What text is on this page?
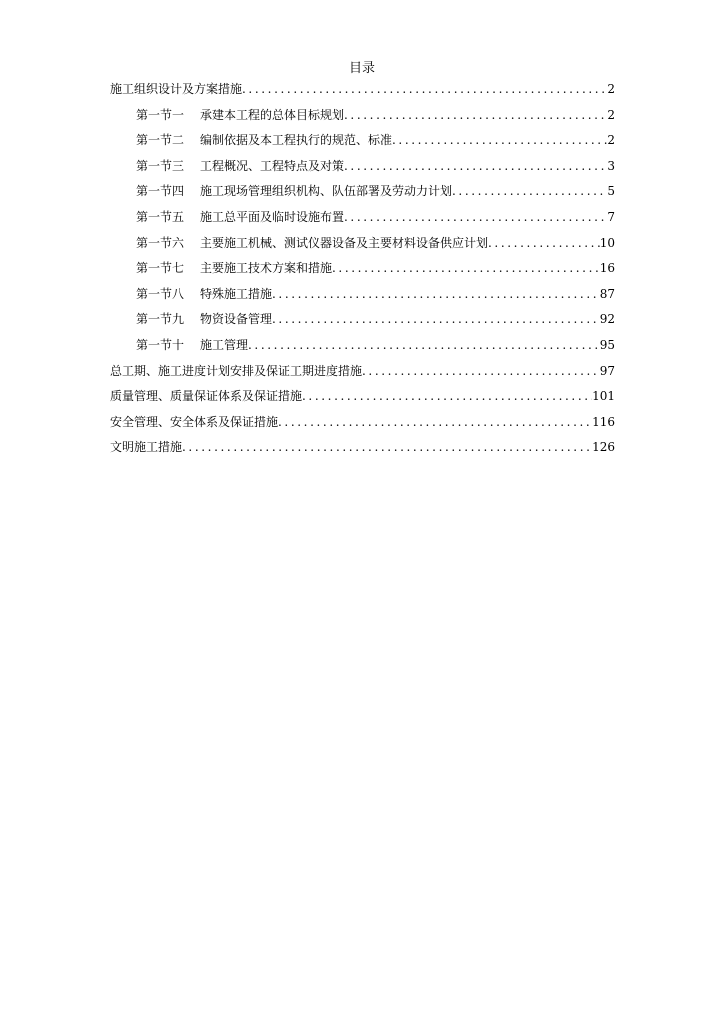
目录
施工组织设计及方案措施 .....	2
第一节一	承建本工程的总体目标规划 .....	2
第一节二	编制依据及本工程执行的规范、标准 .....	2
第一节三	工程概况、工程特点及对策 .....	3
第一节四	施工现场管理组织机构、队伍部署及劳动力计划 .....	5
第一节五	施工总平面及临时设施布置 .....	7
第一节六	主要施工机械、测试仪器设备及主要材料设备供应计划 .....	10
第一节七	主要施工技术方案和措施 .....	16
第一节八	特殊施工措施 .....	87
第一节九	物资设备管理 .....	92
第一节十	施工管理 .....	95
总工期、施工进度计划安排及保证工期进度措施 .....	97
质量管理、质量保证体系及保证措施 .....	101
安全管理、安全体系及保证措施 .....	116
文明施工措施 .....	126
